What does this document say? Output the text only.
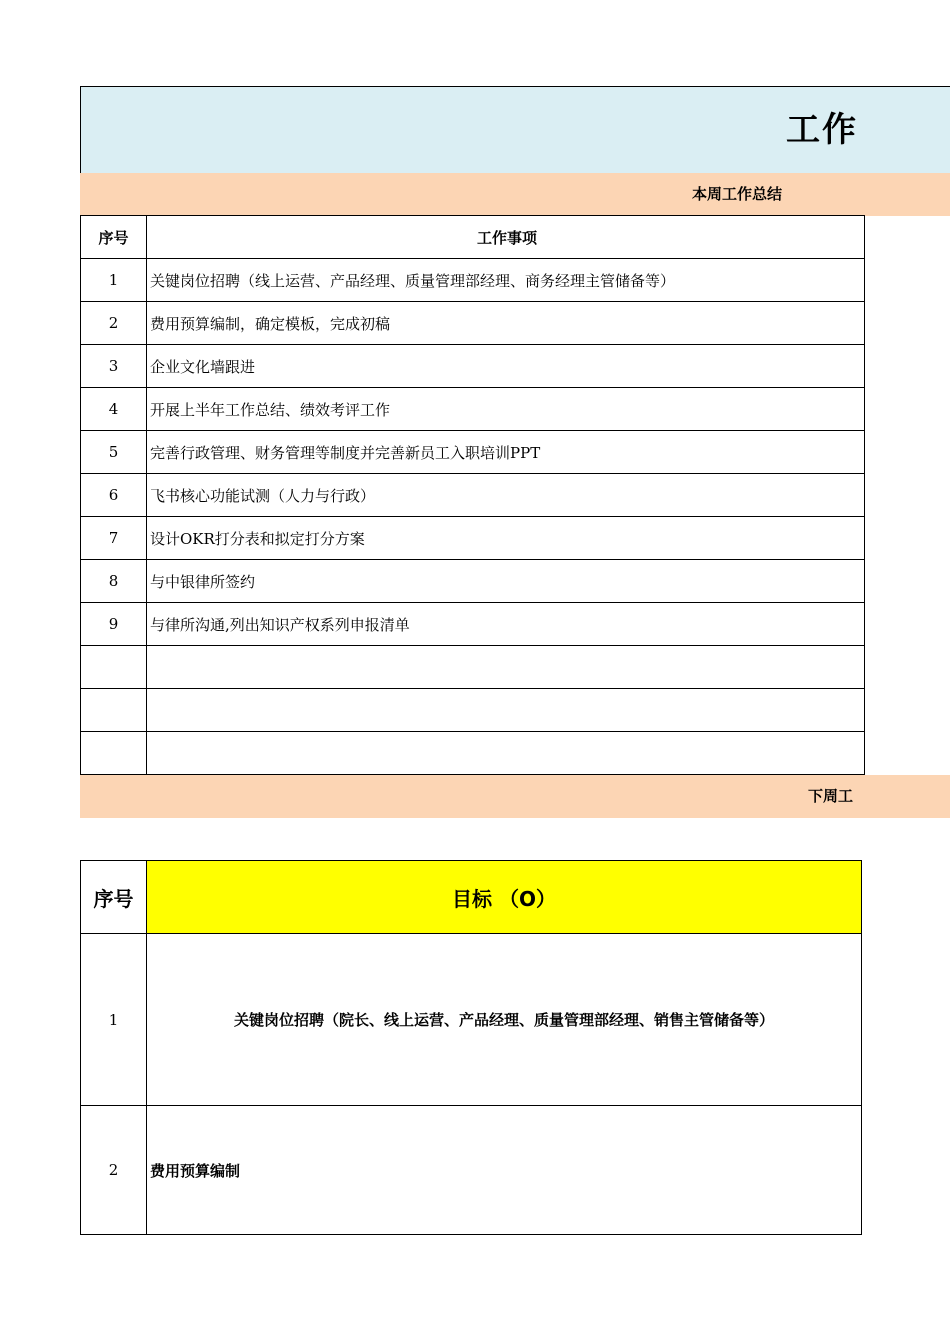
工作
本周工作总结
序号	工作事项
1	关键岗位招聘（线上运营、产品经理、质量管理部经理、商务经理主管储备等）
2	费用预算编制，确定模板，完成初稿
3	企业文化墙跟进
4	开展上半年工作总结、绩效考评工作
5	完善行政管理、财务管理等制度并完善新员工入职培训PPT
6	飞书核心功能试测（人力与行政）
7	设计OKR打分表和拟定打分方案
8	与中银律所签约
9	与律所沟通,列出知识产权系列申报清单

下周工
序号	目标 （O）
1	关键岗位招聘（院长、线上运营、产品经理、质量管理部经理、销售主管储备等）
2	费用预算编制
